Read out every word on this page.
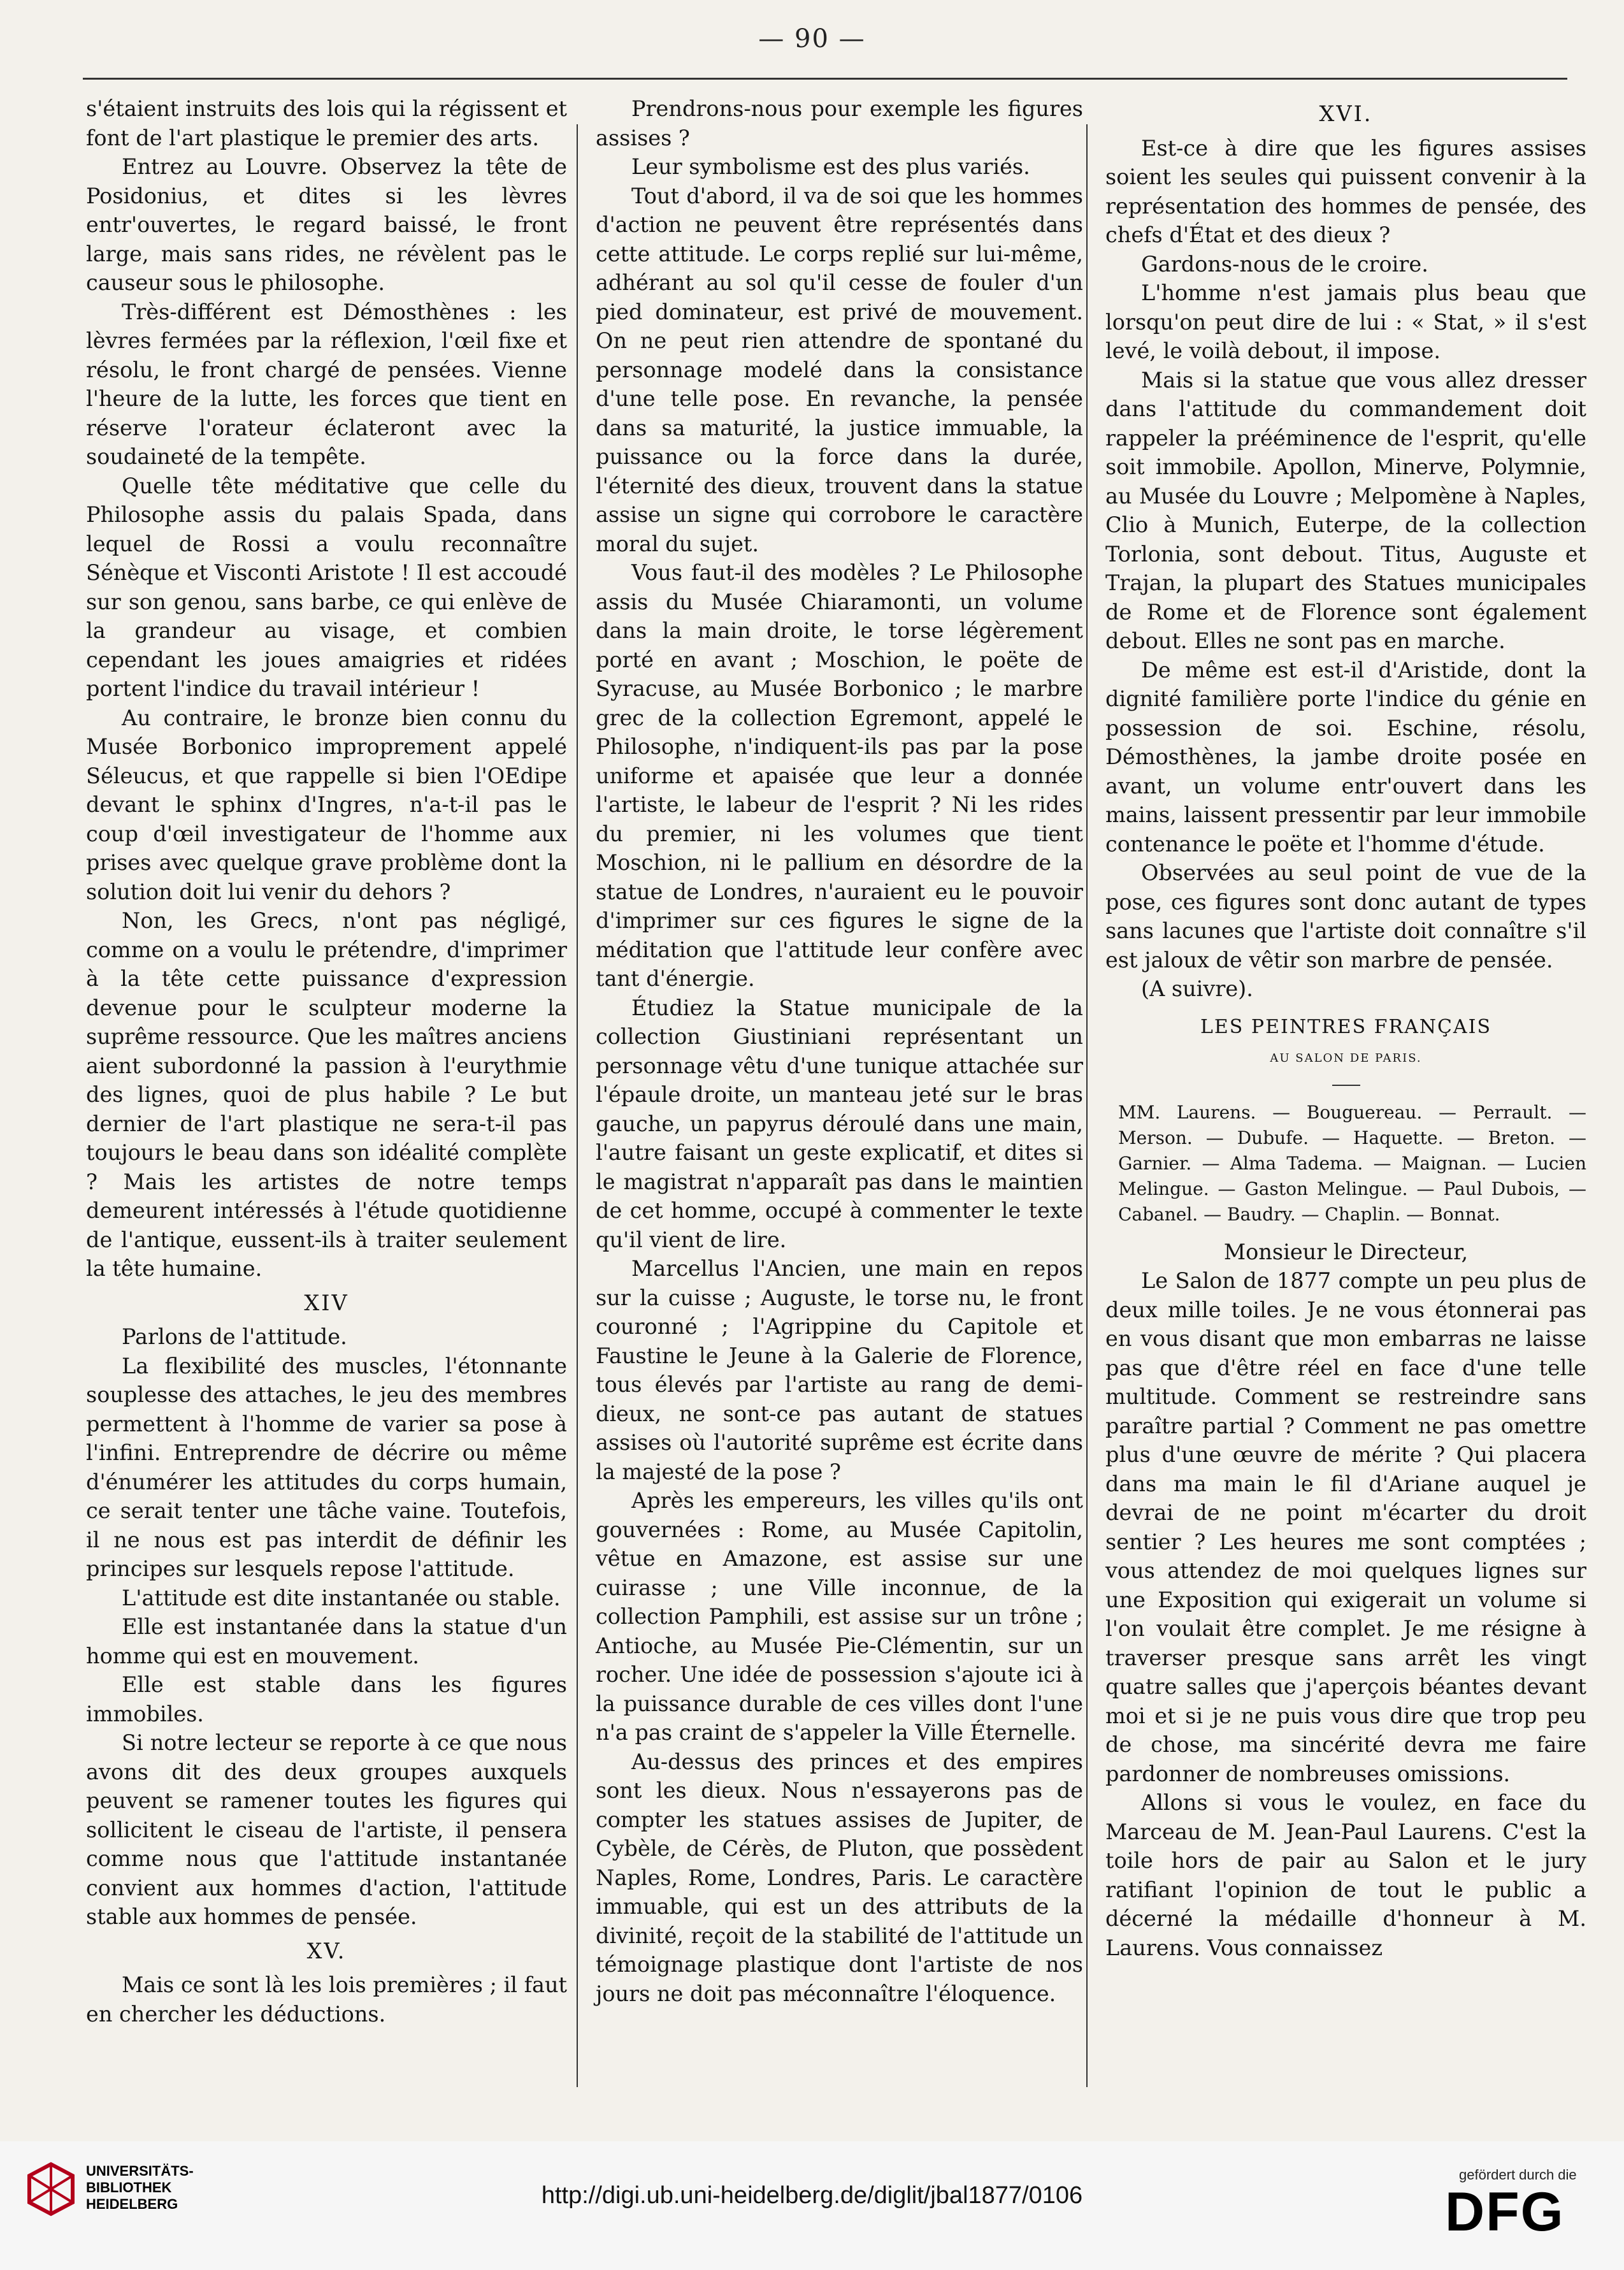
— 90 —

s'étaient instruits des lois qui la régissent et font de l'art plastique le premier des arts.

Entrez au Louvre. Observez la tête de Posidonius, et dites si les lèvres entr'ouvertes, le regard baissé, le front large, mais sans rides, ne révèlent pas le causeur sous le philosophe.

Très-différent est Démosthènes : les lèvres fermées par la réflexion, l'œil fixe et résolu, le front chargé de pensées. Vienne l'heure de la lutte, les forces que tient en réserve l'orateur éclateront avec la soudaineté de la tempête.

Quelle tête méditative que celle du Philosophe assis du palais Spada, dans lequel de Rossi a voulu reconnaître Sénèque et Visconti Aristote ! Il est accoudé sur son genou, sans barbe, ce qui enlève de la grandeur au visage, et combien cependant les joues amaigries et ridées portent l'indice du travail intérieur !

Au contraire, le bronze bien connu du Musée Borbonico improprement appelé Séleucus, et que rappelle si bien l'OEdipe devant le sphinx d'Ingres, n'a-t-il pas le coup d'œil investigateur de l'homme aux prises avec quelque grave problème dont la solution doit lui venir du dehors ?

Non, les Grecs, n'ont pas négligé, comme on a voulu le prétendre, d'imprimer à la tête cette puissance d'expression devenue pour le sculpteur moderne la suprême ressource. Que les maîtres anciens aient subordonné la passion à l'eurythmie des lignes, quoi de plus habile ? Le but dernier de l'art plastique ne sera-t-il pas toujours le beau dans son idéalité complète ? Mais les artistes de notre temps demeurent intéressés à l'étude quotidienne de l'antique, eussent-ils à traiter seulement la tête humaine.

XIV

Parlons de l'attitude.

La flexibilité des muscles, l'étonnante souplesse des attaches, le jeu des membres permettent à l'homme de varier sa pose à l'infini. Entreprendre de décrire ou même d'énumérer les attitudes du corps humain, ce serait tenter une tâche vaine. Toutefois, il ne nous est pas interdit de définir les principes sur lesquels repose l'attitude.

L'attitude est dite instantanée ou stable.

Elle est instantanée dans la statue d'un homme qui est en mouvement.

Elle est stable dans les figures immobiles.

Si notre lecteur se reporte à ce que nous avons dit des deux groupes auxquels peuvent se ramener toutes les figures qui sollicitent le ciseau de l'artiste, il pensera comme nous que l'attitude instantanée convient aux hommes d'action, l'attitude stable aux hommes de pensée.

XV.

Mais ce sont là les lois premières ; il faut en chercher les déductions.

Prendrons-nous pour exemple les figures assises ?

Leur symbolisme est des plus variés.

Tout d'abord, il va de soi que les hommes d'action ne peuvent être représentés dans cette attitude. Le corps replié sur lui-même, adhérant au sol qu'il cesse de fouler d'un pied dominateur, est privé de mouvement. On ne peut rien attendre de spontané du personnage modelé dans la consistance d'une telle pose. En revanche, la pensée dans sa maturité, la justice immuable, la puissance ou la force dans la durée, l'éternité des dieux, trouvent dans la statue assise un signe qui corrobore le caractère moral du sujet.

Vous faut-il des modèles ? Le Philosophe assis du Musée Chiaramonti, un volume dans la main droite, le torse légèrement porté en avant ; Moschion, le poëte de Syracuse, au Musée Borbonico ; le marbre grec de la collection Egremont, appelé le Philosophe, n'indiquent-ils pas par la pose uniforme et apaisée que leur a donnée l'artiste, le labeur de l'esprit ? Ni les rides du premier, ni les volumes que tient Moschion, ni le pallium en désordre de la statue de Londres, n'auraient eu le pouvoir d'imprimer sur ces figures le signe de la méditation que l'attitude leur confère avec tant d'énergie.

Étudiez la Statue municipale de la collection Giustiniani représentant un personnage vêtu d'une tunique attachée sur l'épaule droite, un manteau jeté sur le bras gauche, un papyrus déroulé dans une main, l'autre faisant un geste explicatif, et dites si le magistrat n'apparaît pas dans le maintien de cet homme, occupé à commenter le texte qu'il vient de lire.

Marcellus l'Ancien, une main en repos sur la cuisse ; Auguste, le torse nu, le front couronné ; l'Agrippine du Capitole et Faustine le Jeune à la Galerie de Florence, tous élevés par l'artiste au rang de demi-dieux, ne sont-ce pas autant de statues assises où l'autorité suprême est écrite dans la majesté de la pose ?

Après les empereurs, les villes qu'ils ont gouvernées : Rome, au Musée Capitolin, vêtue en Amazone, est assise sur une cuirasse ; une Ville inconnue, de la collection Pamphili, est assise sur un trône ; Antioche, au Musée Pie-Clémentin, sur un rocher. Une idée de possession s'ajoute ici à la puissance durable de ces villes dont l'une n'a pas craint de s'appeler la Ville Éternelle.

Au-dessus des princes et des empires sont les dieux. Nous n'essayerons pas de compter les statues assises de Jupiter, de Cybèle, de Cérès, de Pluton, que possèdent Naples, Rome, Londres, Paris. Le caractère immuable, qui est un des attributs de la divinité, reçoit de la stabilité de l'attitude un témoignage plastique dont l'artiste de nos jours ne doit pas méconnaître l'éloquence.

XVI.

Est-ce à dire que les figures assises soient les seules qui puissent convenir à la représentation des hommes de pensée, des chefs d'État et des dieux ?

Gardons-nous de le croire.

L'homme n'est jamais plus beau que lorsqu'on peut dire de lui : « Stat, » il s'est levé, le voilà debout, il impose.

Mais si la statue que vous allez dresser dans l'attitude du commandement doit rappeler la prééminence de l'esprit, qu'elle soit immobile. Apollon, Minerve, Polymnie, au Musée du Louvre ; Melpomène à Naples, Clio à Munich, Euterpe, de la collection Torlonia, sont debout. Titus, Auguste et Trajan, la plupart des Statues municipales de Rome et de Florence sont également debout. Elles ne sont pas en marche.

De même est est-il d'Aristide, dont la dignité familière porte l'indice du génie en possession de soi. Eschine, résolu, Démosthènes, la jambe droite posée en avant, un volume entr'ouvert dans les mains, laissent pressentir par leur immobile contenance le poëte et l'homme d'étude.

Observées au seul point de vue de la pose, ces figures sont donc autant de types sans lacunes que l'artiste doit connaître s'il est jaloux de vêtir son marbre de pensée.

(A suivre).

LES PEINTRES FRANÇAIS
AU SALON DE PARIS.

MM. Laurens. — Bouguereau. — Perrault. — Merson. — Dubufe. — Haquette. — Breton. — Garnier. — Alma Tadema. — Maignan. — Lucien Melingue. — Gaston Melingue. — Paul Dubois, — Cabanel. — Baudry. — Chaplin. — Bonnat.

Monsieur le Directeur,

Le Salon de 1877 compte un peu plus de deux mille toiles. Je ne vous étonnerai pas en vous disant que mon embarras ne laisse pas que d'être réel en face d'une telle multitude. Comment se restreindre sans paraître partial ? Comment ne pas omettre plus d'une œuvre de mérite ? Qui placera dans ma main le fil d'Ariane auquel je devrai de ne point m'écarter du droit sentier ? Les heures me sont comptées ; vous attendez de moi quelques lignes sur une Exposition qui exigerait un volume si l'on voulait être complet. Je me résigne à traverser presque sans arrêt les vingt quatre salles que j'aperçois béantes devant moi et si je ne puis vous dire que trop peu de chose, ma sincérité devra me faire pardonner de nombreuses omissions.

Allons si vous le voulez, en face du Marceau de M. Jean-Paul Laurens. C'est la toile hors de pair au Salon et le jury ratifiant l'opinion de tout le public a décerné la médaille d'honneur à M. Laurens. Vous connaissez

UNIVERSITÄTS-
BIBLIOTHEK
HEIDELBERG	http://digi.ub.uni-heidelberg.de/diglit/jbal1877/0106
gefördert durch die
DFG
